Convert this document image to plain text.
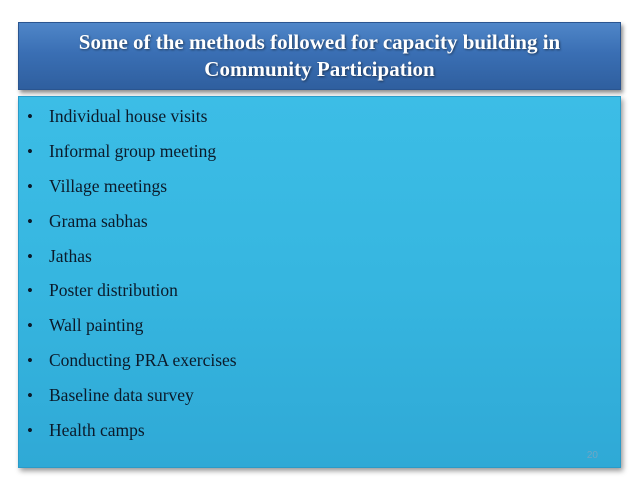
Some of the methods followed for capacity building in
Community Participation
• Individual house visits
• Informal group meeting
• Village meetings
• Grama sabhas
• Jathas
• Poster distribution
• Wall painting
• Conducting PRA exercises
• Baseline data survey
• Health camps
20
